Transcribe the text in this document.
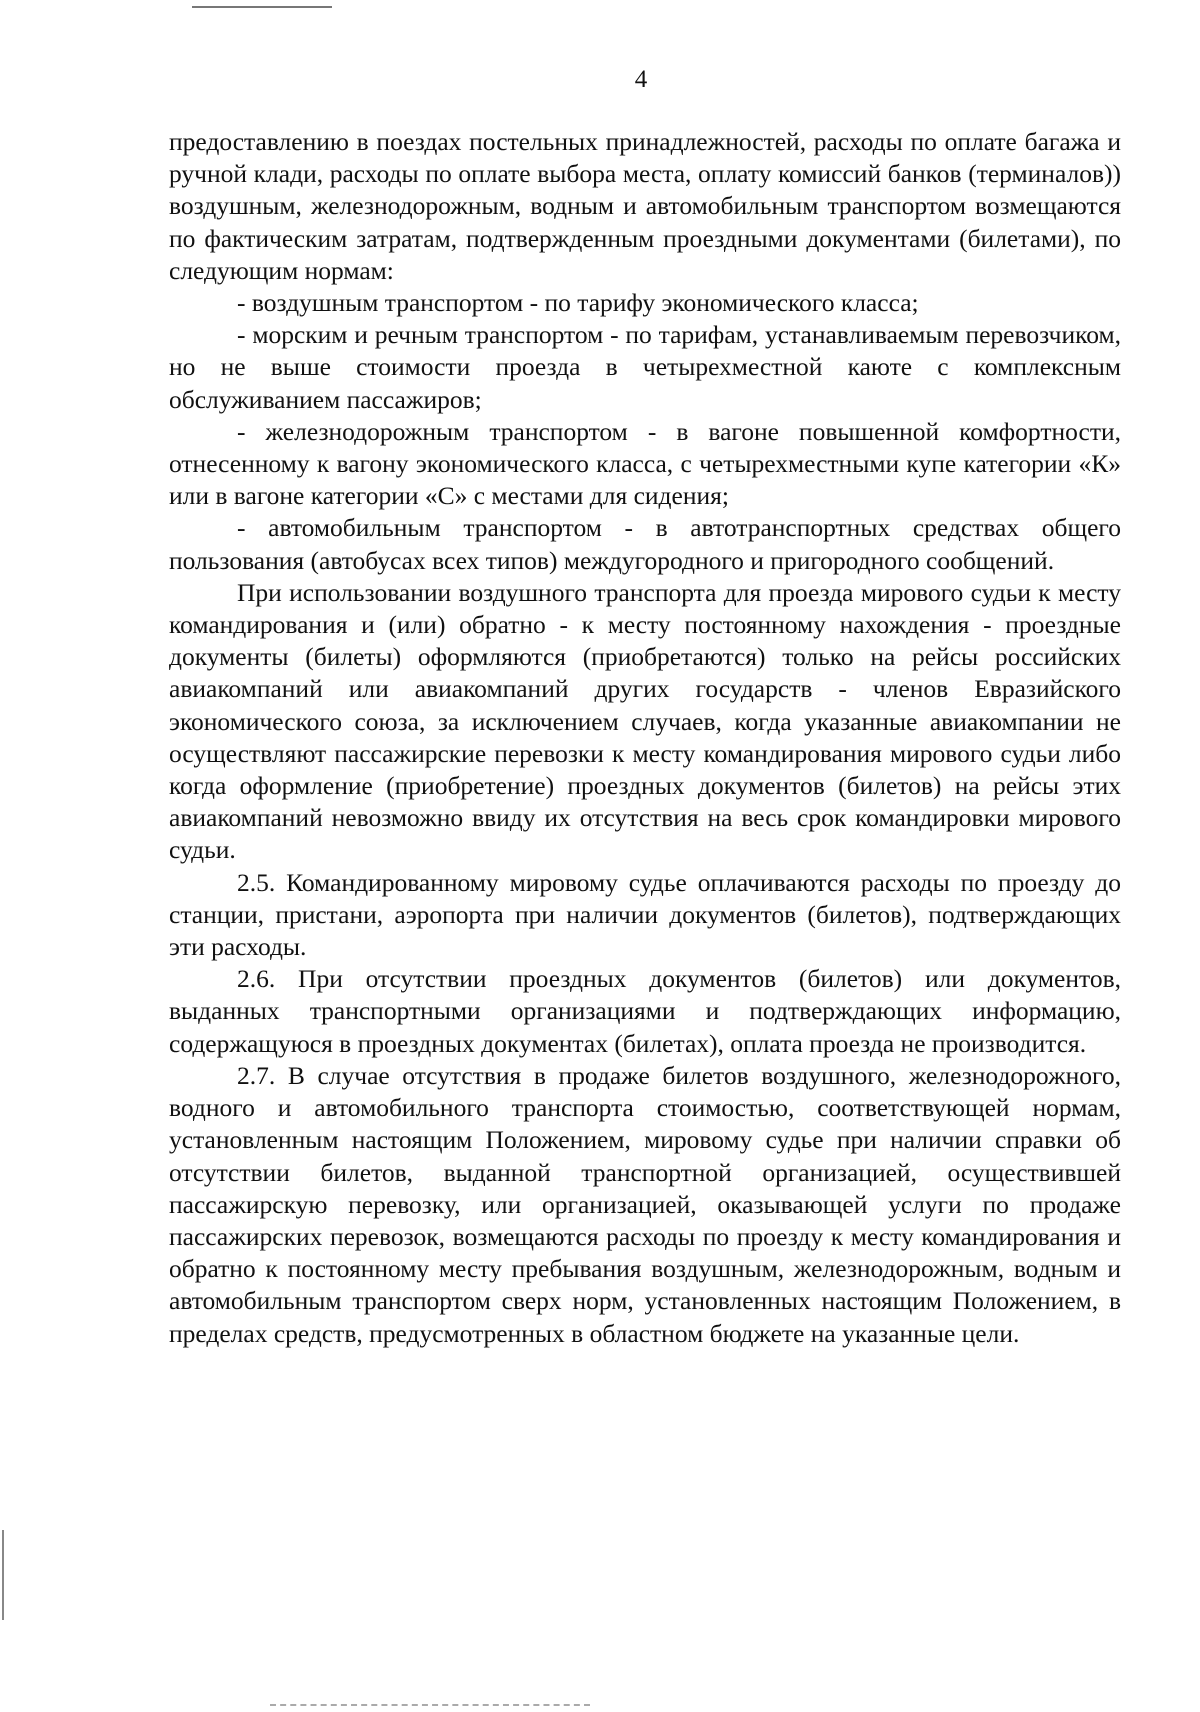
4

предоставлению в поездах постельных принадлежностей, расходы по оплате багажа и ручной клади, расходы по оплате выбора места, оплату комиссий банков (терминалов)) воздушным, железнодорожным, водным и автомобильным транспортом возмещаются по фактическим затратам, подтвержденным проездными документами (билетами), по следующим нормам:

- воздушным транспортом - по тарифу экономического класса;

- морским и речным транспортом - по тарифам, устанавливаемым перевозчиком, но не выше стоимости проезда в четырехместной каюте с комплексным обслуживанием пассажиров;

- железнодорожным транспортом - в вагоне повышенной комфортности, отнесенному к вагону экономического класса, с четырехместными купе категории «К» или в вагоне категории «С» с местами для сидения;

- автомобильным транспортом - в автотранспортных средствах общего пользования (автобусах всех типов) междугородного и пригородного сообщений.

При использовании воздушного транспорта для проезда мирового судьи к месту командирования и (или) обратно - к месту постоянному нахождения - проездные документы (билеты) оформляются (приобретаются) только на рейсы российских авиакомпаний или авиакомпаний других государств - членов Евразийского экономического союза, за исключением случаев, когда указанные авиакомпании не осуществляют пассажирские перевозки к месту командирования мирового судьи либо когда оформление (приобретение) проездных документов (билетов) на рейсы этих авиакомпаний невозможно ввиду их отсутствия на весь срок командировки мирового судьи.

2.5. Командированному мировому судье оплачиваются расходы по проезду до станции, пристани, аэропорта при наличии документов (билетов), подтверждающих эти расходы.

2.6. При отсутствии проездных документов (билетов) или документов, выданных транспортными организациями и подтверждающих информацию, содержащуюся в проездных документах (билетах), оплата проезда не производится.

2.7. В случае отсутствия в продаже билетов воздушного, железнодорожного, водного и автомобильного транспорта стоимостью, соответствующей нормам, установленным настоящим Положением, мировому судье при наличии справки об отсутствии билетов, выданной транспортной организацией, осуществившей пассажирскую перевозку, или организацией, оказывающей услуги по продаже пассажирских перевозок, возмещаются расходы по проезду к месту командирования и обратно к постоянному месту пребывания воздушным, железнодорожным, водным и автомобильным транспортом сверх норм, установленных настоящим Положением, в пределах средств, предусмотренных в областном бюджете на указанные цели.
